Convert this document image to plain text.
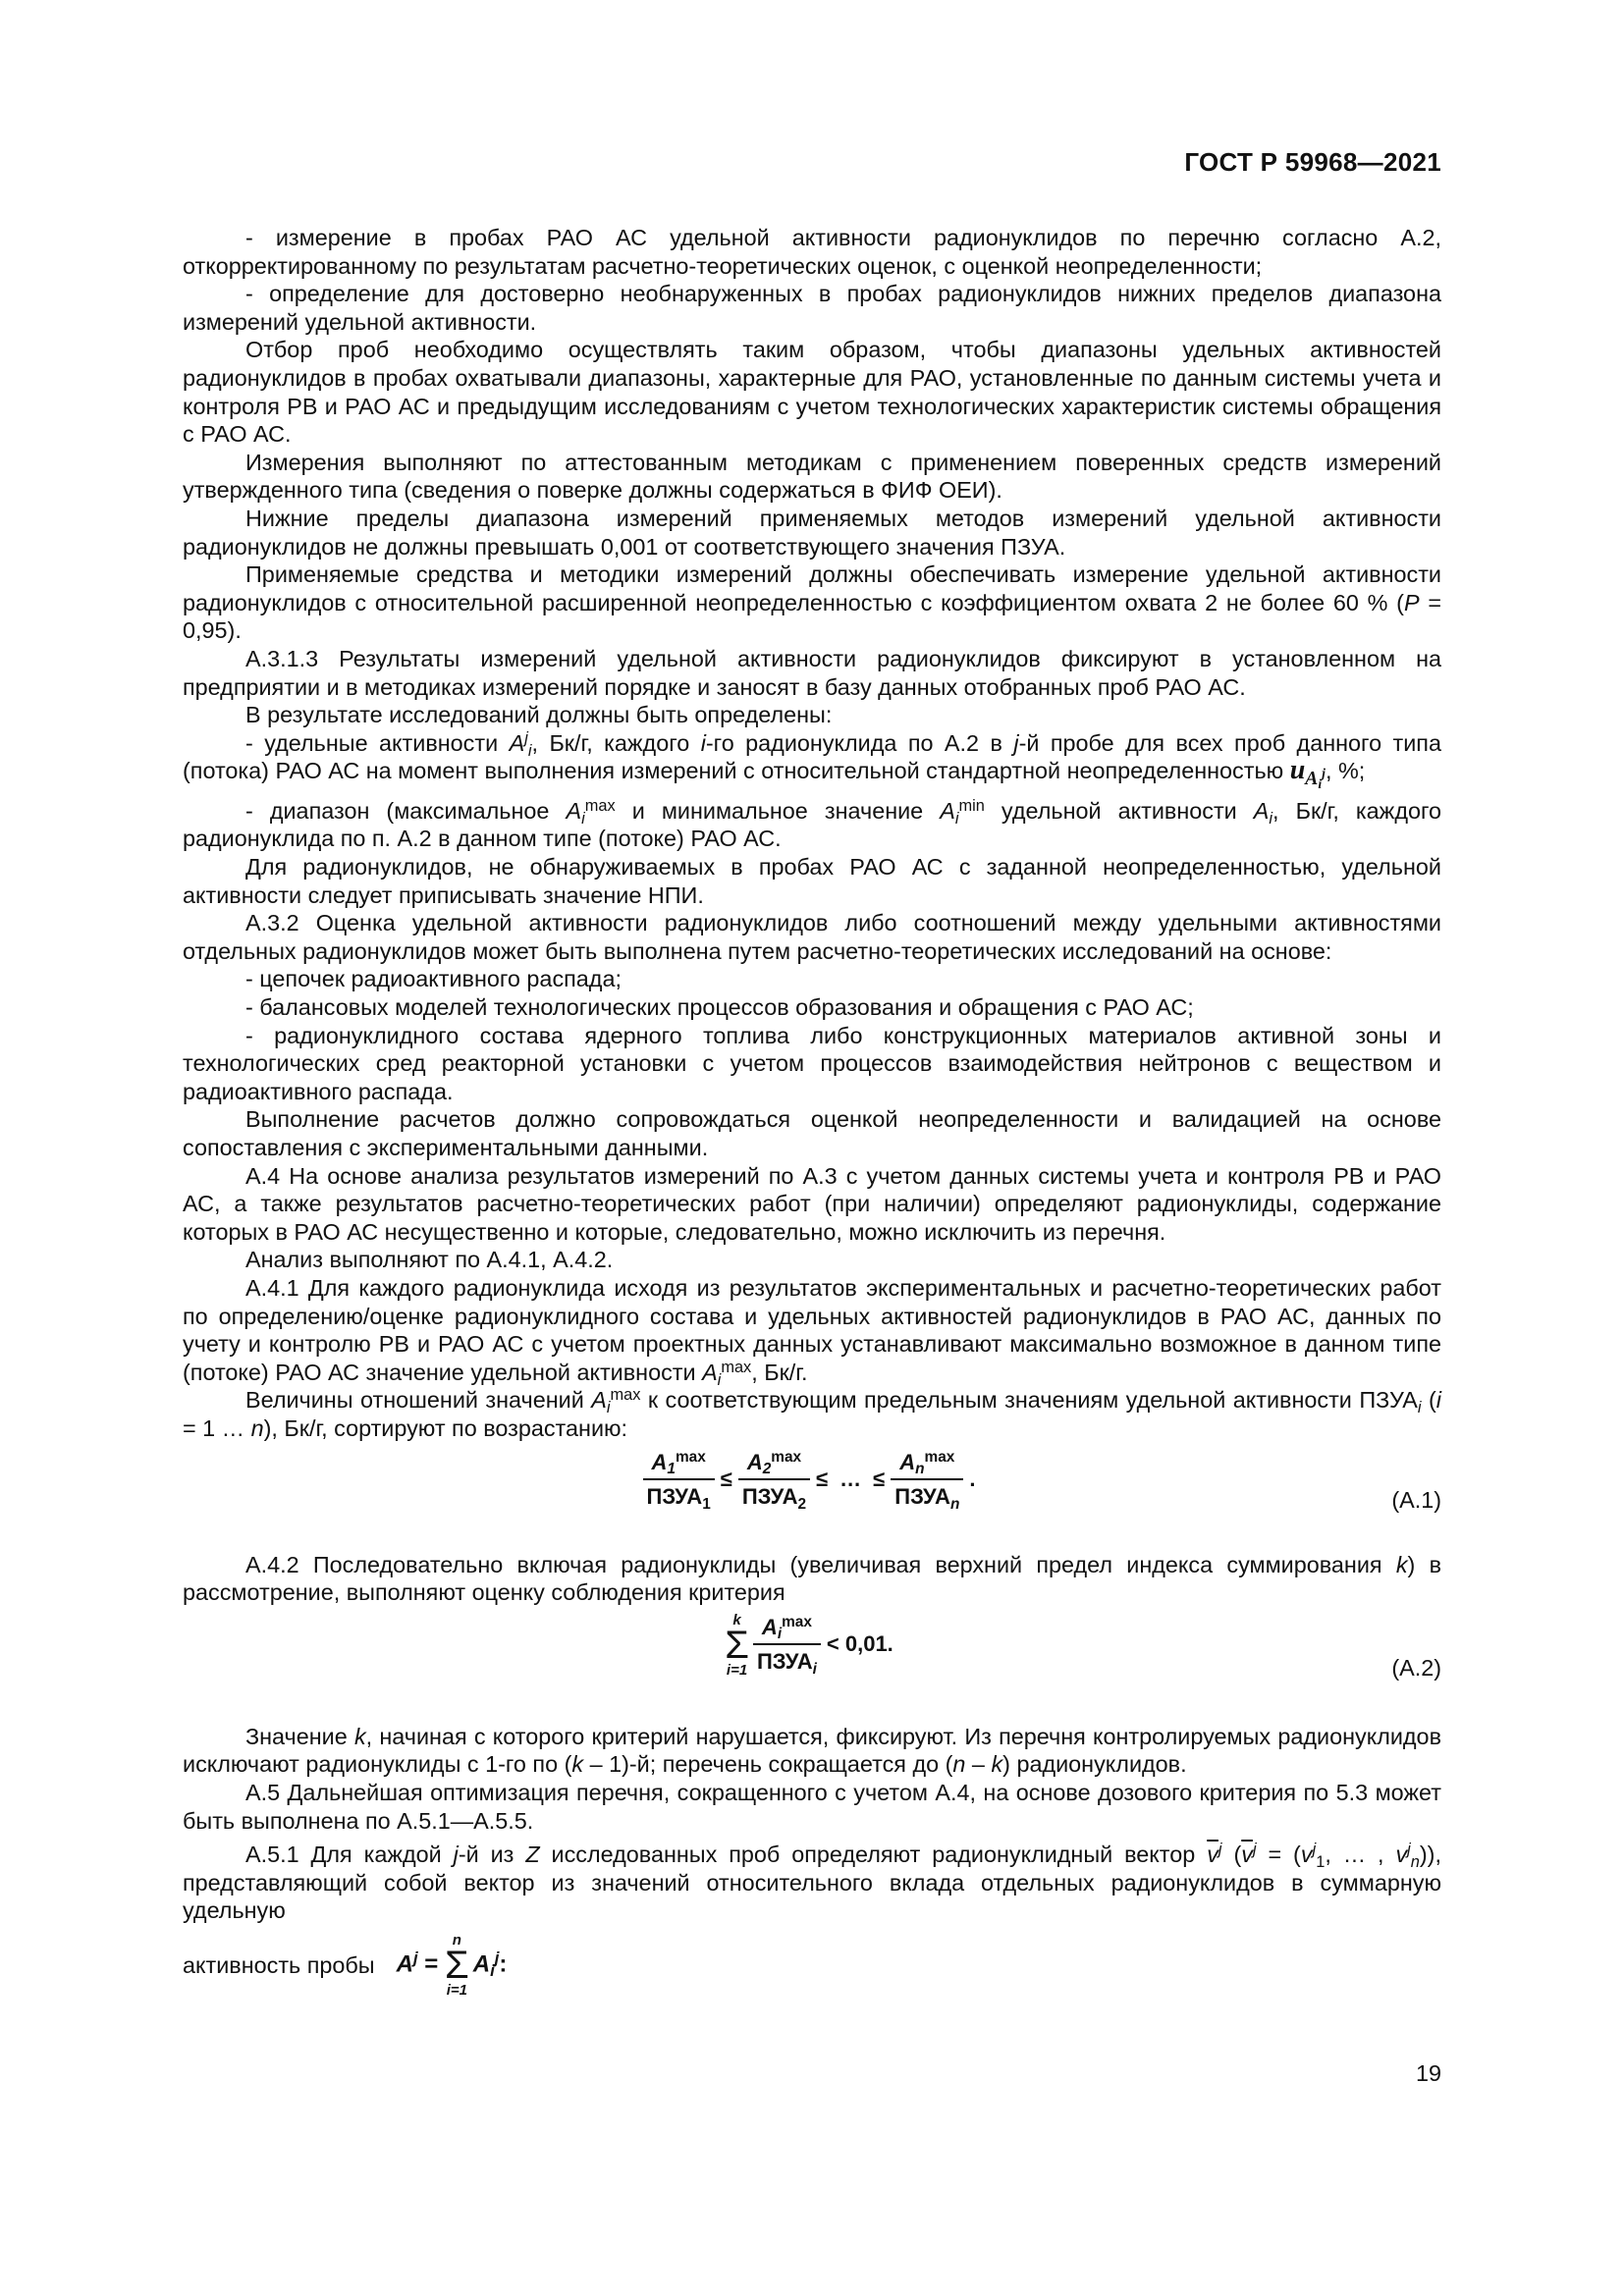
ГОСТ Р 59968—2021

- измерение в пробах РАО АС удельной активности радионуклидов по перечню согласно А.2, откорректированному по результатам расчетно-теоретических оценок, с оценкой неопределенности;

- определение для достоверно необнаруженных в пробах радионуклидов нижних пределов диапазона измерений удельной активности.

Отбор проб необходимо осуществлять таким образом, чтобы диапазоны удельных активностей радионуклидов в пробах охватывали диапазоны, характерные для РАО, установленные по данным системы учета и контроля РВ и РАО АС и предыдущим исследованиям с учетом технологических характеристик системы обращения с РАО АС.

Измерения выполняют по аттестованным методикам с применением поверенных средств измерений утвержденного типа (сведения о поверке должны содержаться в ФИФ ОЕИ).

Нижние пределы диапазона измерений применяемых методов измерений удельной активности радионуклидов не должны превышать 0,001 от соответствующего значения ПЗУА.

Применяемые средства и методики измерений должны обеспечивать измерение удельной активности радионуклидов с относительной расширенной неопределенностью с коэффициентом охвата 2 не более 60 % (P = 0,95).

А.3.1.3 Результаты измерений удельной активности радионуклидов фиксируют в установленном на предприятии и в методиках измерений порядке и заносят в базу данных отобранных проб РАО АС.

В результате исследований должны быть определены:

- удельные активности $A^j_i$, Бк/г, каждого i-го радионуклида по А.2 в j-й пробе для всех проб данного типа (потока) РАО АС на момент выполнения измерений с относительной стандартной неопределенностью $u_{A_i^j}$, %;

- диапазон (максимальное $A_i^{max}$ и минимальное значение $A_i^{min}$ удельной активности $A_i$, Бк/г, каждого радионуклида по п. А.2 в данном типе (потоке) РАО АС.

Для радионуклидов, не обнаруживаемых в пробах РАО АС с заданной неопределенностью, удельной активности следует приписывать значение НПИ.

А.3.2 Оценка удельной активности радионуклидов либо соотношений между удельными активностями отдельных радионуклидов может быть выполнена путем расчетно-теоретических исследований на основе:

- цепочек радиоактивного распада;

- балансовых моделей технологических процессов образования и обращения с РАО АС;

- радионуклидного состава ядерного топлива либо конструкционных материалов активной зоны и технологических сред реакторной установки с учетом процессов взаимодействия нейтронов с веществом и радиоактивного распада.

Выполнение расчетов должно сопровождаться оценкой неопределенности и валидацией на основе сопоставления с экспериментальными данными.

А.4 На основе анализа результатов измерений по А.3 с учетом данных системы учета и контроля РВ и РАО АС, а также результатов расчетно-теоретических работ (при наличии) определяют радионуклиды, содержание которых в РАО АС несущественно и которые, следовательно, можно исключить из перечня.

Анализ выполняют по А.4.1, А.4.2.

А.4.1 Для каждого радионуклида исходя из результатов экспериментальных и расчетно-теоретических работ по определению/оценке радионуклидного состава и удельных активностей радионуклидов в РАО АС, данных по учету и контролю РВ и РАО АС с учетом проектных данных устанавливают максимально возможное в данном типе (потоке) РАО АС значение удельной активности $A_i^{max}$, Бк/г.

Величины отношений значений $A_i^{max}$ к соответствующим предельным значениям удельной активности $ПЗУА_i$ (i = 1 … n), Бк/г, сортируют по возрастанию:

$\frac{A_1^{max}}{ПЗУА_1} \le \frac{A_2^{max}}{ПЗУА_2}$ ≤ … ≤ $\frac{A_n^{max}}{ПЗУА_n}$ .
(А.1)

А.4.2 Последовательно включая радионуклиды (увеличивая верхний предел индекса суммирования k) в рассмотрение, выполняют оценку соблюдения критерия

k
Σ
$i=1 \frac{A_i^{max}}{ПЗУА_i} < 0,01$.
(А.2)

Значение k, начиная с которого критерий нарушается, фиксируют. Из перечня контролируемых радионуклидов исключают радионуклиды с 1-го по (k – 1)-й; перечень сокращается до (n – k) радионуклидов.

А.5 Дальнейшая оптимизация перечня, сокращенного с учетом А.4, на основе дозового критерия по 5.3 может быть выполнена по А.5.1—А.5.5.

А.5.1 Для каждой j-й из Z исследованных проб определяют радионуклидный вектор $\overline{v}^j$ ($\overline{v}^j = (v^j_1$, … , $v^j_n$)), представляющий собой вектор из значений относительного вклада отдельных радионуклидов в суммарную удельную

активность пробы $A^j$ =
n
Σ
i=1
$A_i^j$:
19
